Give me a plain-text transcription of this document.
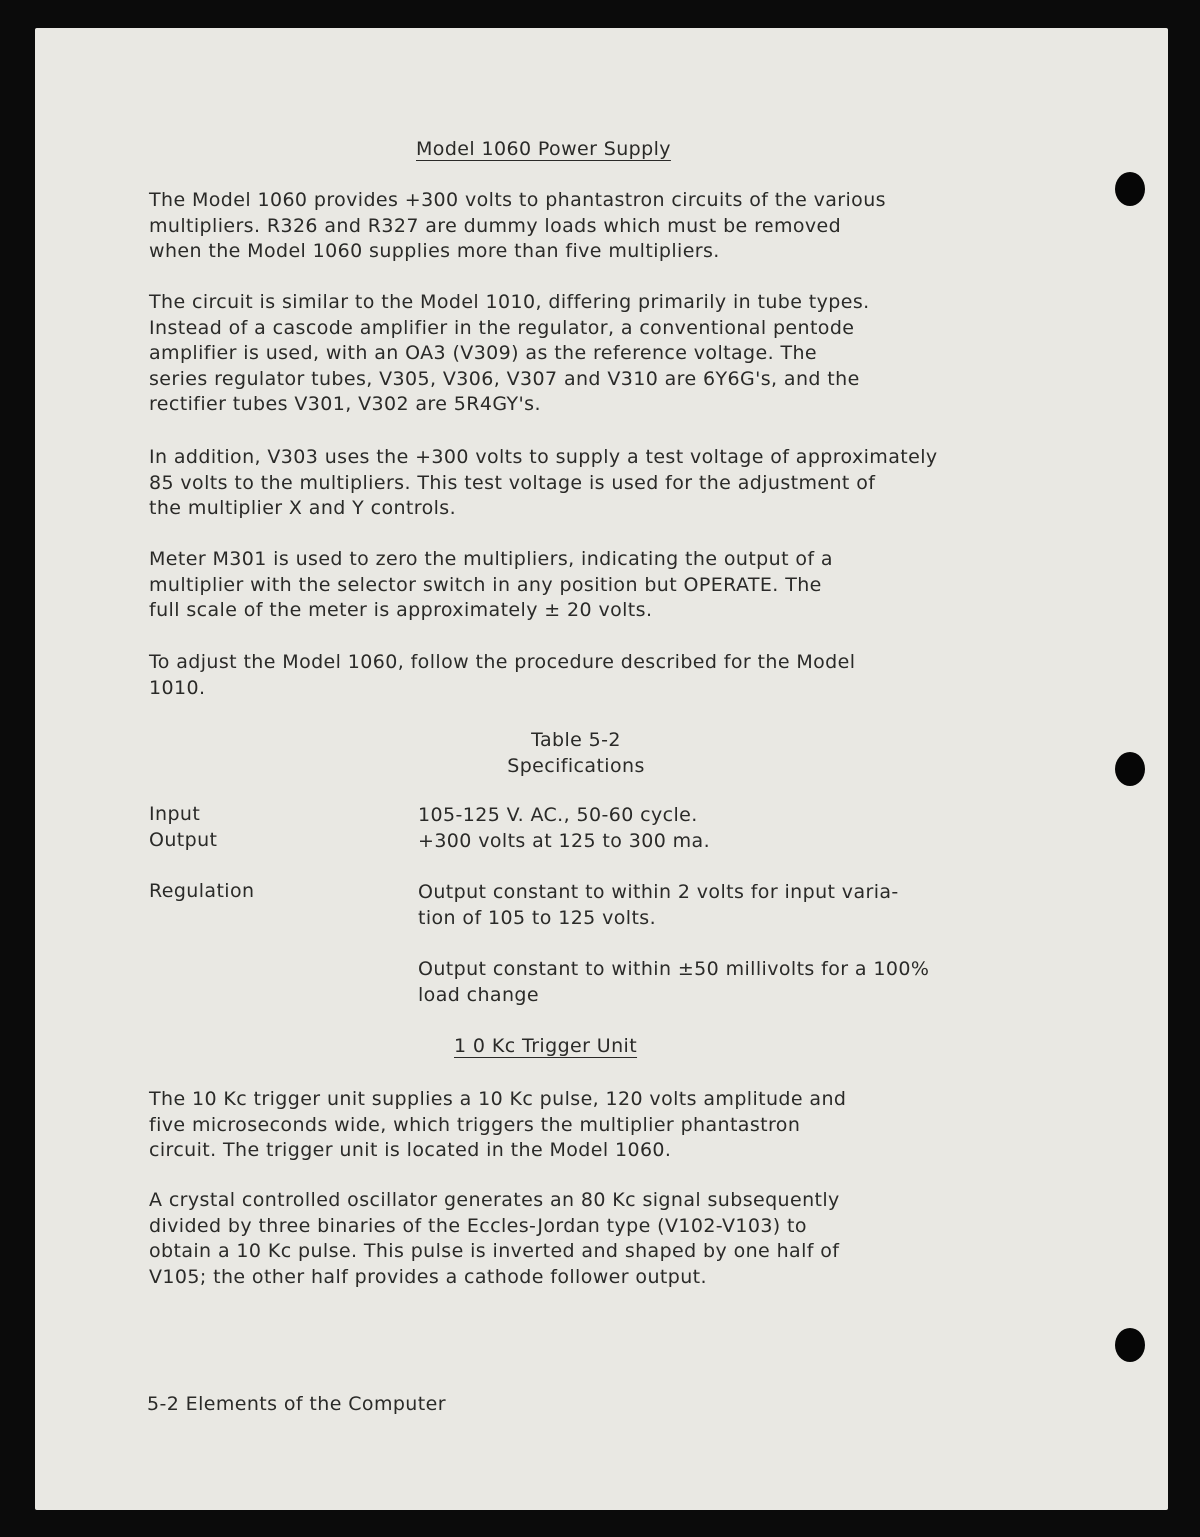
Model 1060 Power Supply
The Model 1060 provides +300 volts to phantastron circuits of the various
multipliers. R326 and R327 are dummy loads which must be removed
when the Model 1060 supplies more than five multipliers.
The circuit is similar to the Model 1010, differing primarily in tube types.
Instead of a cascode amplifier in the regulator, a conventional pentode
amplifier is used, with an OA3 (V309) as the reference voltage. The
series regulator tubes, V305, V306, V307 and V310 are 6Y6G's, and the
rectifier tubes V301, V302 are 5R4GY's.
In addition, V303 uses the +300 volts to supply a test voltage of approximately
85 volts to the multipliers. This test voltage is used for the adjustment of
the multiplier X and Y controls.
Meter M301 is used to zero the multipliers, indicating the output of a
multiplier with the selector switch in any position but OPERATE. The
full scale of the meter is approximately ± 20 volts.
To adjust the Model 1060, follow the procedure described for the Model
1010.
Table 5-2
Specifications
Input	105-125 V. AC., 50-60 cycle.
Output	+300 volts at 125 to 300 ma.
Regulation	Output constant to within 2 volts for input varia-
tion of 105 to 125 volts.
Output constant to within ±50 millivolts for a 100%
load change
1 0 Kc Trigger Unit
The 10 Kc trigger unit supplies a 10 Kc pulse, 120 volts amplitude and
five microseconds wide, which triggers the multiplier phantastron
circuit. The trigger unit is located in the Model 1060.
A crystal controlled oscillator generates an 80 Kc signal subsequently
divided by three binaries of the Eccles-Jordan type (V102-V103) to
obtain a 10 Kc pulse. This pulse is inverted and shaped by one half of
V105; the other half provides a cathode follower output.
5-2 Elements of the Computer
